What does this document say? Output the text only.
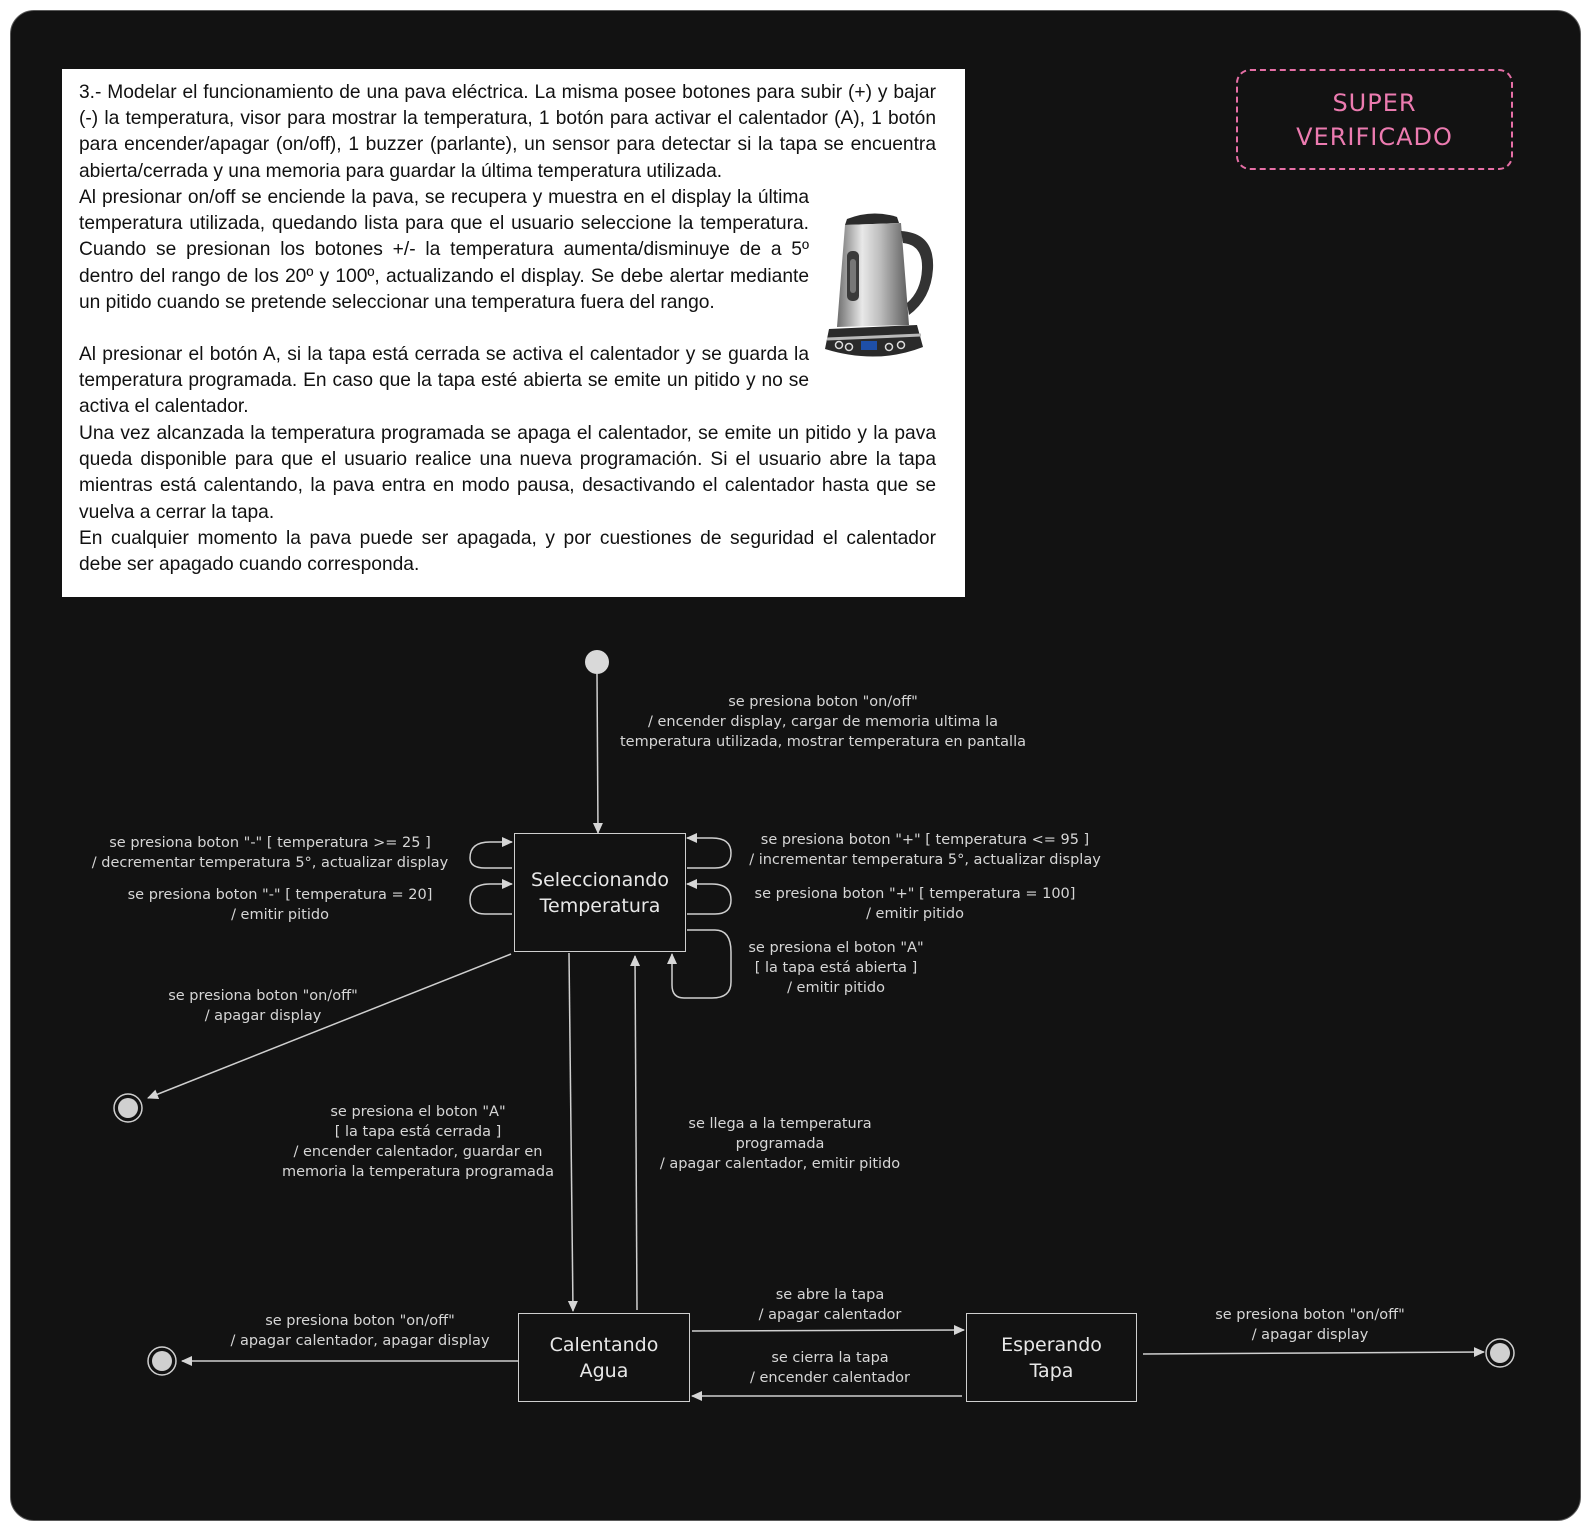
3.- Modelar el funcionamiento de una pava eléctrica. La misma posee botones para subir (+) y bajar (-) la temperatura, visor para mostrar la temperatura, 1 botón para activar el calentador (A), 1 botón para encender/apagar (on/off), 1 buzzer (parlante), un sensor para detectar si la tapa se encuentra abierta/cerrada y una memoria para guardar la última temperatura utilizada.

Al presionar on/off se enciende la pava, se recupera y muestra en el display la última temperatura utilizada, quedando lista para que el usuario seleccione la temperatura. Cuando se presionan los botones +/- la temperatura aumenta/disminuye de a 5º dentro del rango de los 20º y 100º, actualizando el display. Se debe alertar mediante un pitido cuando se pretende seleccionar una temperatura fuera del rango.

Al presionar el botón A, si la tapa está cerrada se activa el calentador y se guarda la temperatura programada. En caso que la tapa esté abierta se emite un pitido y no se activa el calentador.

Una vez alcanzada la temperatura programada se apaga el calentador, se emite un pitido y la pava queda disponible para que el usuario realice una nueva programación. Si el usuario abre la tapa mientras está calentando, la pava entra en modo pausa, desactivando el calentador hasta que se vuelva a cerrar la tapa.

En cualquier momento la pava puede ser apagada, y por cuestiones de seguridad el calentador debe ser apagado cuando corresponda.

SUPER
VERIFICADO
Seleccionando
Temperatura
Calentando
Agua
Esperando
Tapa
se presiona boton "on/off"
/ encender display, cargar de memoria ultima la
temperatura utilizada, mostrar temperatura en pantalla
se presiona boton "-" [ temperatura >= 25 ]
/ decrementar temperatura 5°, actualizar display
se presiona boton "-" [ temperatura = 20]
/ emitir pitido
se presiona boton "+" [ temperatura <= 95 ]
/ incrementar temperatura 5°, actualizar display
se presiona boton "+" [ temperatura = 100]
/ emitir pitido
se presiona el boton "A"
[ la tapa está abierta ]
/ emitir pitido
se presiona boton "on/off"
/ apagar display
se presiona el boton "A"
[ la tapa está cerrada ]
/ encender calentador, guardar en
memoria la temperatura programada
se llega a la temperatura
programada
/ apagar calentador, emitir pitido
se presiona boton "on/off"
/ apagar calentador, apagar display
se abre la tapa
/ apagar calentador
se cierra la tapa
/ encender calentador
se presiona boton "on/off"
/ apagar display
